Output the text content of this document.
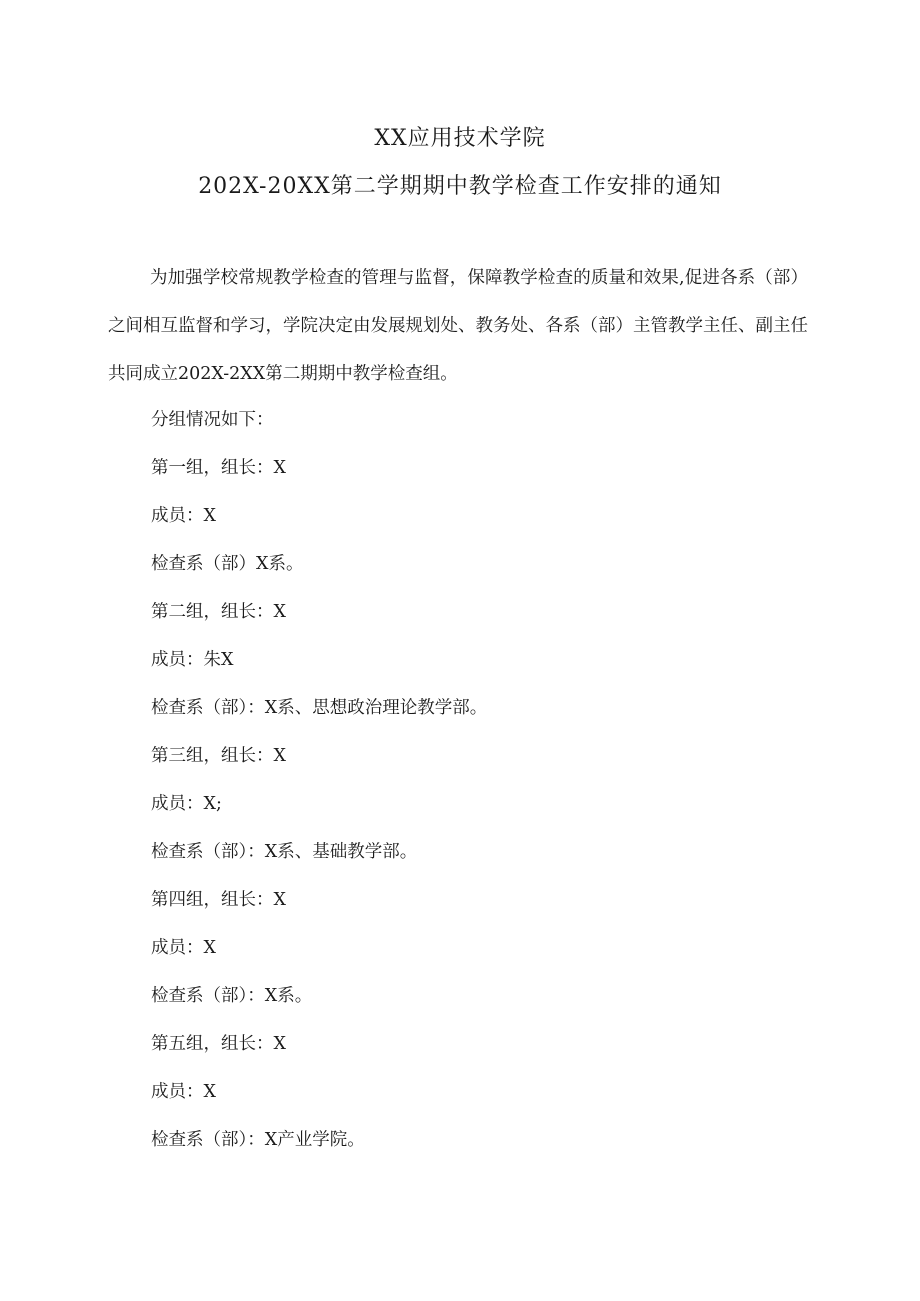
XX应用技术学院
202X-20XX第二学期期中教学检查工作安排的通知
为加强学校常规教学检查的管理与监督，保障教学检查的质量和效果,促进各系（部）之间相互监督和学习，学院决定由发展规划处、教务处、各系（部）主管教学主任、副主任共同成立202X-2XX第二期期中教学检查组。
分组情况如下：
第一组，组长：X
成员：X
检查系（部）X系。
第二组，组长：X
成员：朱X
检查系（部）：X系、思想政治理论教学部。
第三组，组长：X
成员：X;
检查系（部）：X系、基础教学部。
第四组，组长：X
成员：X
检查系（部）：X系。
第五组，组长：X
成员：X
检查系（部）：X产业学院。
